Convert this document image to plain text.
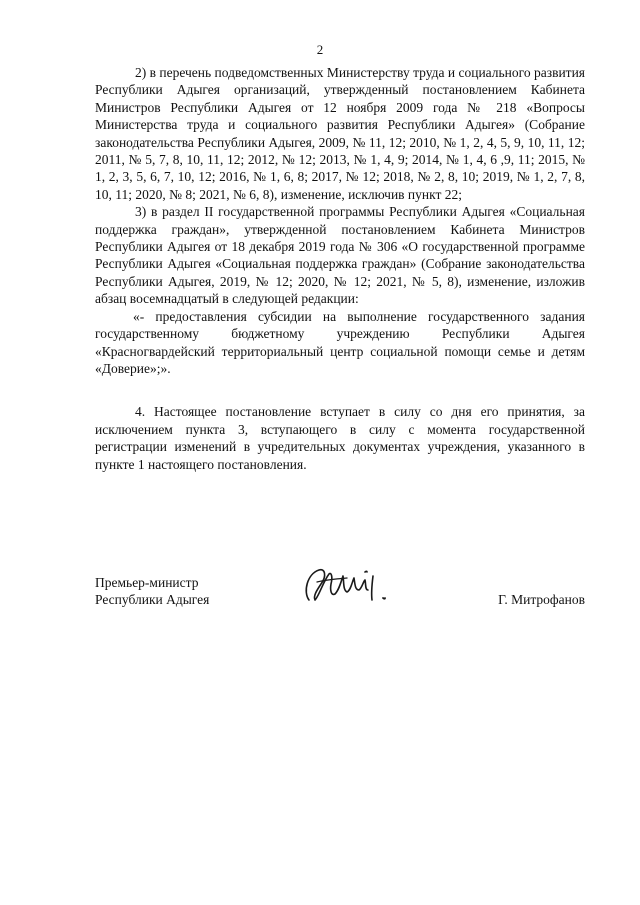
2

2) в перечень подведомственных Министерству труда и социального развития Республики Адыгея организаций, утвержденный постановлением Кабинета Министров Республики Адыгея от 12 ноября 2009 года № 218 «Вопросы Министерства труда и социального развития Республики Адыгея» (Собрание законодательства Республики Адыгея, 2009, № 11, 12; 2010, № 1, 2, 4, 5, 9, 10, 11, 12; 2011, № 5, 7, 8, 10, 11, 12; 2012, № 12; 2013, № 1, 4, 9; 2014, № 1, 4, 6 ,9, 11; 2015, № 1, 2, 3, 5, 6, 7, 10, 12; 2016, № 1, 6, 8; 2017, № 12; 2018, № 2, 8, 10; 2019, № 1, 2, 7, 8, 10, 11; 2020, № 8; 2021, № 6, 8), изменение, исключив пункт 22;

3) в раздел II государственной программы Республики Адыгея «Социальная поддержка граждан», утвержденной постановлением Кабинета Министров Республики Адыгея от 18 декабря 2019 года № 306 «О государственной программе Республики Адыгея «Социальная поддержка граждан» (Собрание законодательства Республики Адыгея, 2019, № 12; 2020, № 12; 2021, № 5, 8), изменение, изложив абзац восемнадцатый в следующей редакции:

«- предоставления субсидии на выполнение государственного задания государственному бюджетному учреждению Республики Адыгея «Красногвардейский территориальный центр социальной помощи семье и детям «Доверие»;».

4. Настоящее постановление вступает в силу со дня его принятия, за исключением пункта 3, вступающего в силу с момента государственной регистрации изменений в учредительных документах учреждения, указанного в пункте 1 настоящего постановления.

Премьер-министр
Республики Адыгея	Г. Митрофанов
